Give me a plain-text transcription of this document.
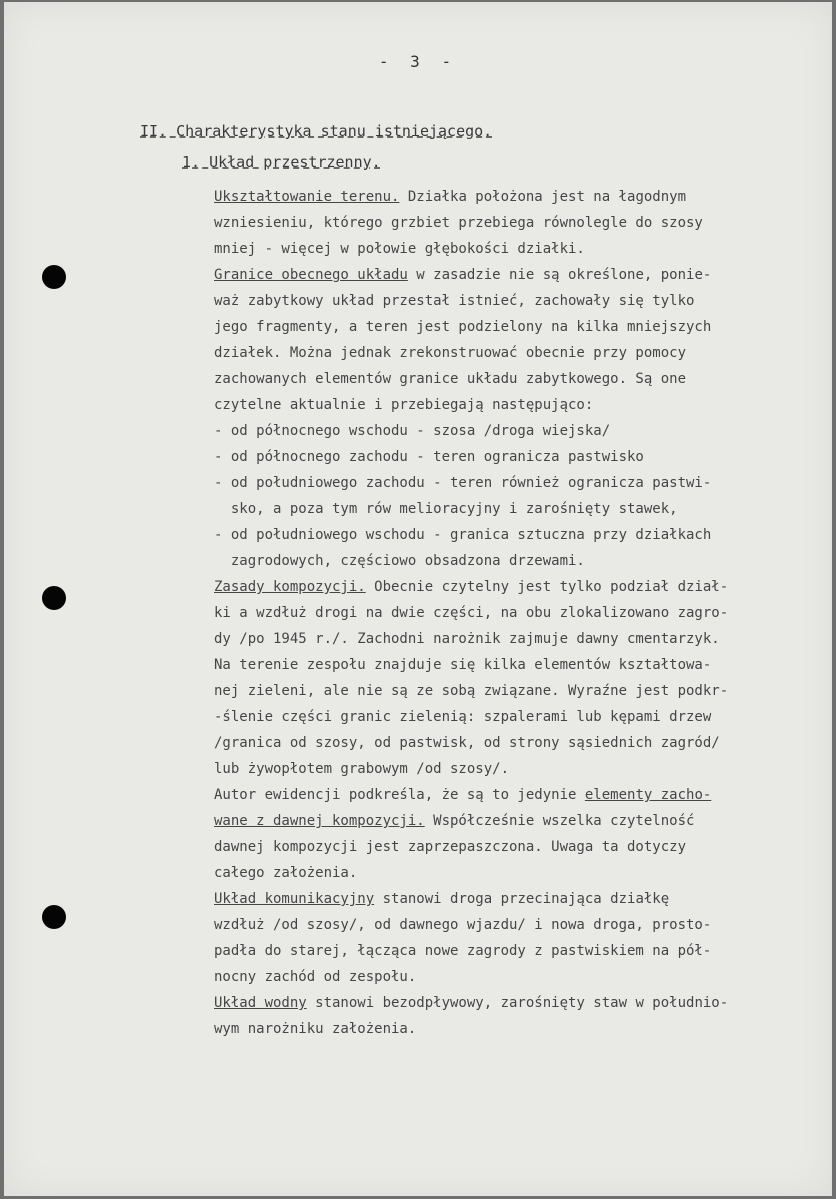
- 3 -
II. Charakterystyka stanu istniejącego.
1. Układ przestrzenny.
Ukształtowanie terenu. Działka położona jest na łagodnym
wzniesieniu, którego grzbiet przebiega równolegle do szosy
mniej - więcej w połowie głębokości działki.
Granice obecnego układu w zasadzie nie są określone, ponie-
waż zabytkowy układ przestał istnieć, zachowały się tylko
jego fragmenty, a teren jest podzielony na kilka mniejszych
działek. Można jednak zrekonstruować obecnie przy pomocy
zachowanych elementów granice układu zabytkowego. Są one
czytelne aktualnie i przebiegają następująco:
- od północnego wschodu - szosa /droga wiejska/
- od północnego zachodu - teren ogranicza pastwisko
- od południowego zachodu - teren również ogranicza pastwi-
sko, a poza tym rów melioracyjny i zarośnięty stawek,
- od południowego wschodu - granica sztuczna przy działkach
zagrodowych, częściowo obsadzona drzewami.
Zasady kompozycji. Obecnie czytelny jest tylko podział dział-
ki a wzdłuż drogi na dwie części, na obu zlokalizowano zagro-
dy /po 1945 r./. Zachodni narożnik zajmuje dawny cmentarzyk.
Na terenie zespołu znajduje się kilka elementów kształtowa-
nej zieleni, ale nie są ze sobą związane. Wyraźne jest podkr-
-ślenie części granic zielenią: szpalerami lub kępami drzew
/granica od szosy, od pastwisk, od strony sąsiednich zagród/
lub żywopłotem grabowym /od szosy/.
Autor ewidencji podkreśla, że są to jedynie elementy zacho-
wane z dawnej kompozycji. Współcześnie wszelka czytelność
dawnej kompozycji jest zaprzepaszczona. Uwaga ta dotyczy
całego założenia.
Układ komunikacyjny stanowi droga przecinająca działkę
wzdłuż /od szosy/, od dawnego wjazdu/ i nowa droga, prosto-
padła do starej, łącząca nowe zagrody z pastwiskiem na pół-
nocny zachód od zespołu.
Układ wodny stanowi bezodpływowy, zarośnięty staw w południo-
wym narożniku założenia.
